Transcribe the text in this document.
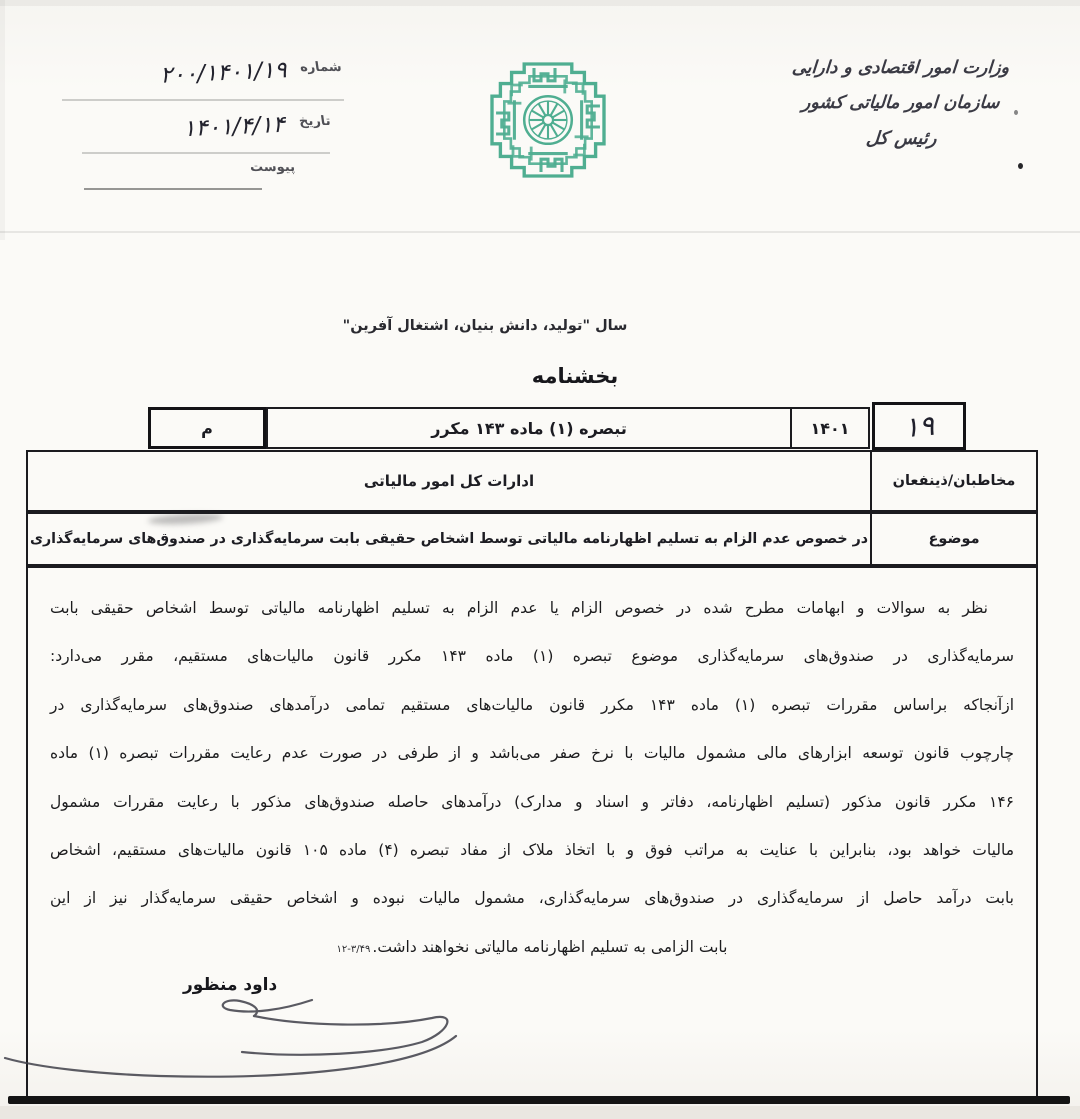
شماره
۲۰۰/۱۴۰۱/۱۹
تاریخ
۱۴۰۱/۴/۱۴
پیوست
وزارت امور اقتصادی و دارایی
سازمان امور مالیاتی کشور
رئیس کل
سال "تولید، دانش بنیان، اشتغال آفرین"
بخشنامه
م	تبصره (۱) ماده ۱۴۳ مکرر	۱۴۰۱ ۱۹
مخاطبان/ذینفعان
ادارات کل امور مالیاتی
موضوع
در خصوص عدم الزام به تسلیم اظهارنامه مالیاتی توسط اشخاص حقیقی بابت سرمایه‌گذاری در صندوق‌های سرمایه‌گذاری
نظر به سوالات و ابهامات مطرح شده در خصوص الزام یا عدم الزام به تسلیم اظهارنامه مالیاتی توسط اشخاص حقیقی بابت
سرمایه‌گذاری در صندوق‌های سرمایه‌گذاری موضوع تبصره (۱) ماده ۱۴۳ مکرر قانون مالیات‌های مستقیم، مقرر می‌دارد:
ازآنجاکه براساس مقررات تبصره (۱) ماده ۱۴۳ مکرر قانون مالیات‌های مستقیم تمامی درآمدهای صندوق‌های سرمایه‌گذاری در
چارچوب قانون توسعه ابزارهای مالی مشمول مالیات با نرخ صفر می‌باشد و از طرفی در صورت عدم رعایت مقررات تبصره (۱) ماده
۱۴۶ مکرر قانون مذکور (تسلیم اظهارنامه، دفاتر و اسناد و مدارک) درآمدهای حاصله صندوق‌های مذکور با رعایت مقررات مشمول
مالیات خواهد بود، بنابراین با عنایت به مراتب فوق و با اتخاذ ملاک از مفاد تبصره (۴) ماده ۱۰۵ قانون مالیات‌های مستقیم، اشخاص
بابت درآمد حاصل از سرمایه‌گذاری در صندوق‌های سرمایه‌گذاری، مشمول مالیات نبوده و اشخاص حقیقی سرمایه‌گذار نیز از این
بابت الزامی به تسلیم اظهارنامه مالیاتی نخواهند داشت.۳/۴۹-۱۲
داود منظور
